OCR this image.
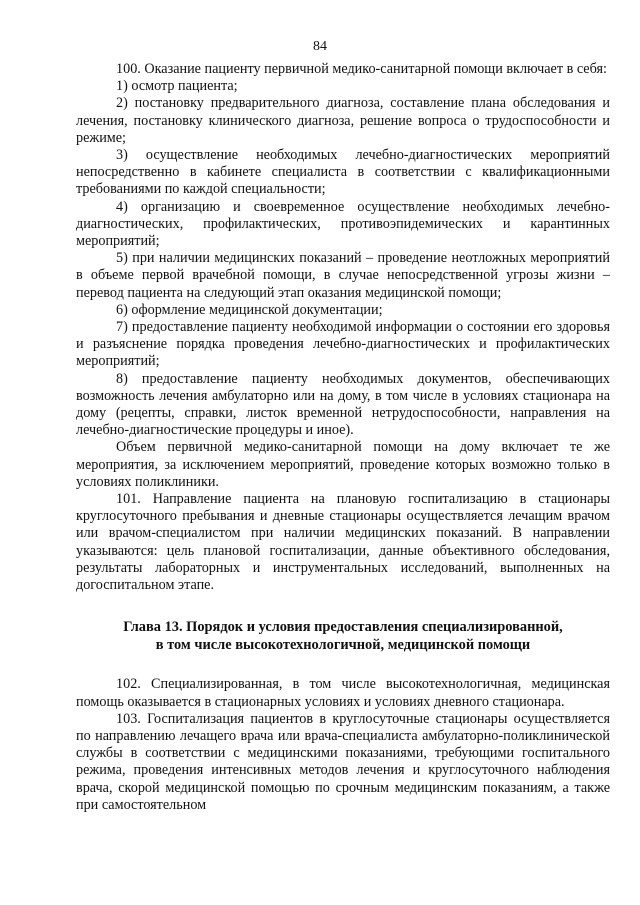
84

100. Оказание пациенту первичной медико-санитарной помощи включает в себя:

1) осмотр пациента;

2) постановку предварительного диагноза, составление плана обследования и лечения, постановку клинического диагноза, решение вопроса о трудоспособности и режиме;

3) осуществление необходимых лечебно-диагностических мероприятий непосредственно в кабинете специалиста в соответствии с квалификационными требованиями по каждой специальности;

4) организацию и своевременное осуществление необходимых лечебно-диагностических, профилактических, противоэпидемических и карантинных мероприятий;

5) при наличии медицинских показаний – проведение неотложных мероприятий в объеме первой врачебной помощи, в случае непосредственной угрозы жизни – перевод пациента на следующий этап оказания медицинской помощи;

6) оформление медицинской документации;

7) предоставление пациенту необходимой информации о состоянии его здоровья и разъяснение порядка проведения лечебно-диагностических и профилактических мероприятий;

8) предоставление пациенту необходимых документов, обеспечивающих возможность лечения амбулаторно или на дому, в том числе в условиях стационара на дому (рецепты, справки, листок временной нетрудоспособности, направления на лечебно-диагностические процедуры и иное).

Объем первичной медико-санитарной помощи на дому включает те же мероприятия, за исключением мероприятий, проведение которых возможно только в условиях поликлиники.

101. Направление пациента на плановую госпитализацию в стационары круглосуточного пребывания и дневные стационары осуществляется лечащим врачом или врачом-специалистом при наличии медицинских показаний. В направлении указываются: цель плановой госпитализации, данные объективного обследования, результаты лабораторных и инструментальных исследований, выполненных на догоспитальном этапе.

Глава 13. Порядок и условия предоставления специализированной,
в том числе высокотехнологичной, медицинской помощи

102. Специализированная, в том числе высокотехнологичная, медицинская помощь оказывается в стационарных условиях и условиях дневного стационара.

103. Госпитализация пациентов в круглосуточные стационары осуществляется по направлению лечащего врача или врача-специалиста амбулаторно-поликлинической службы в соответствии с медицинскими показаниями, требующими госпитального режима, проведения интенсивных методов лечения и круглосуточного наблюдения врача, скорой медицинской помощью по срочным медицинским показаниям, а также при самостоятельном
